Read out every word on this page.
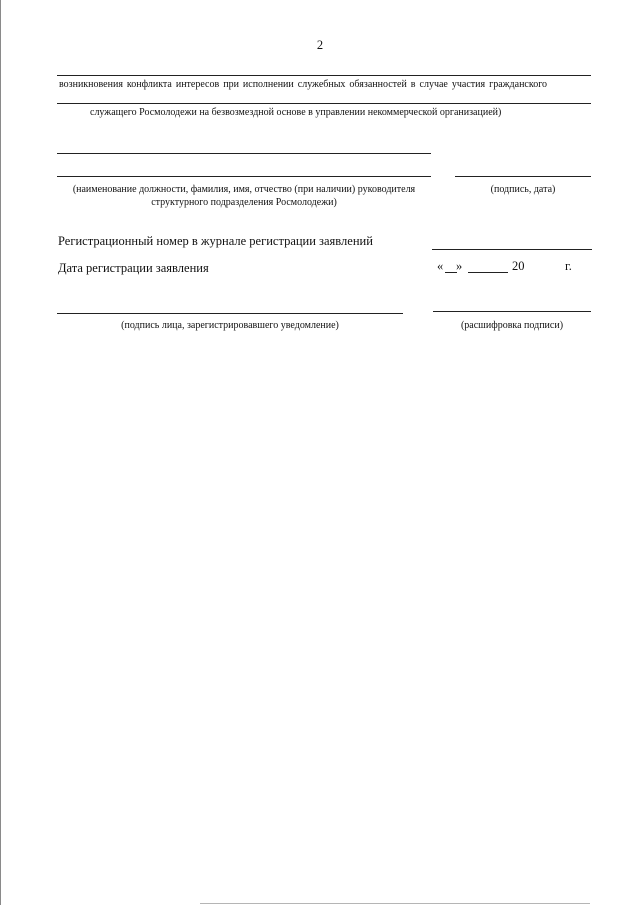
2
возникновения конфликта интересов при исполнении служебных обязанностей в случае участия гражданского
служащего Росмолодежи на безвозмездной основе в управлении некоммерческой организацией)
(наименование должности, фамилия, имя, отчество (при наличии) руководителя
структурного подразделения Росмолодежи)
(подпись, дата)
Регистрационный номер в журнале регистрации заявлений
Дата регистрации заявления	« »	20	г.
(подпись лица, зарегистрировавшего уведомление)	(расшифровка подписи)
